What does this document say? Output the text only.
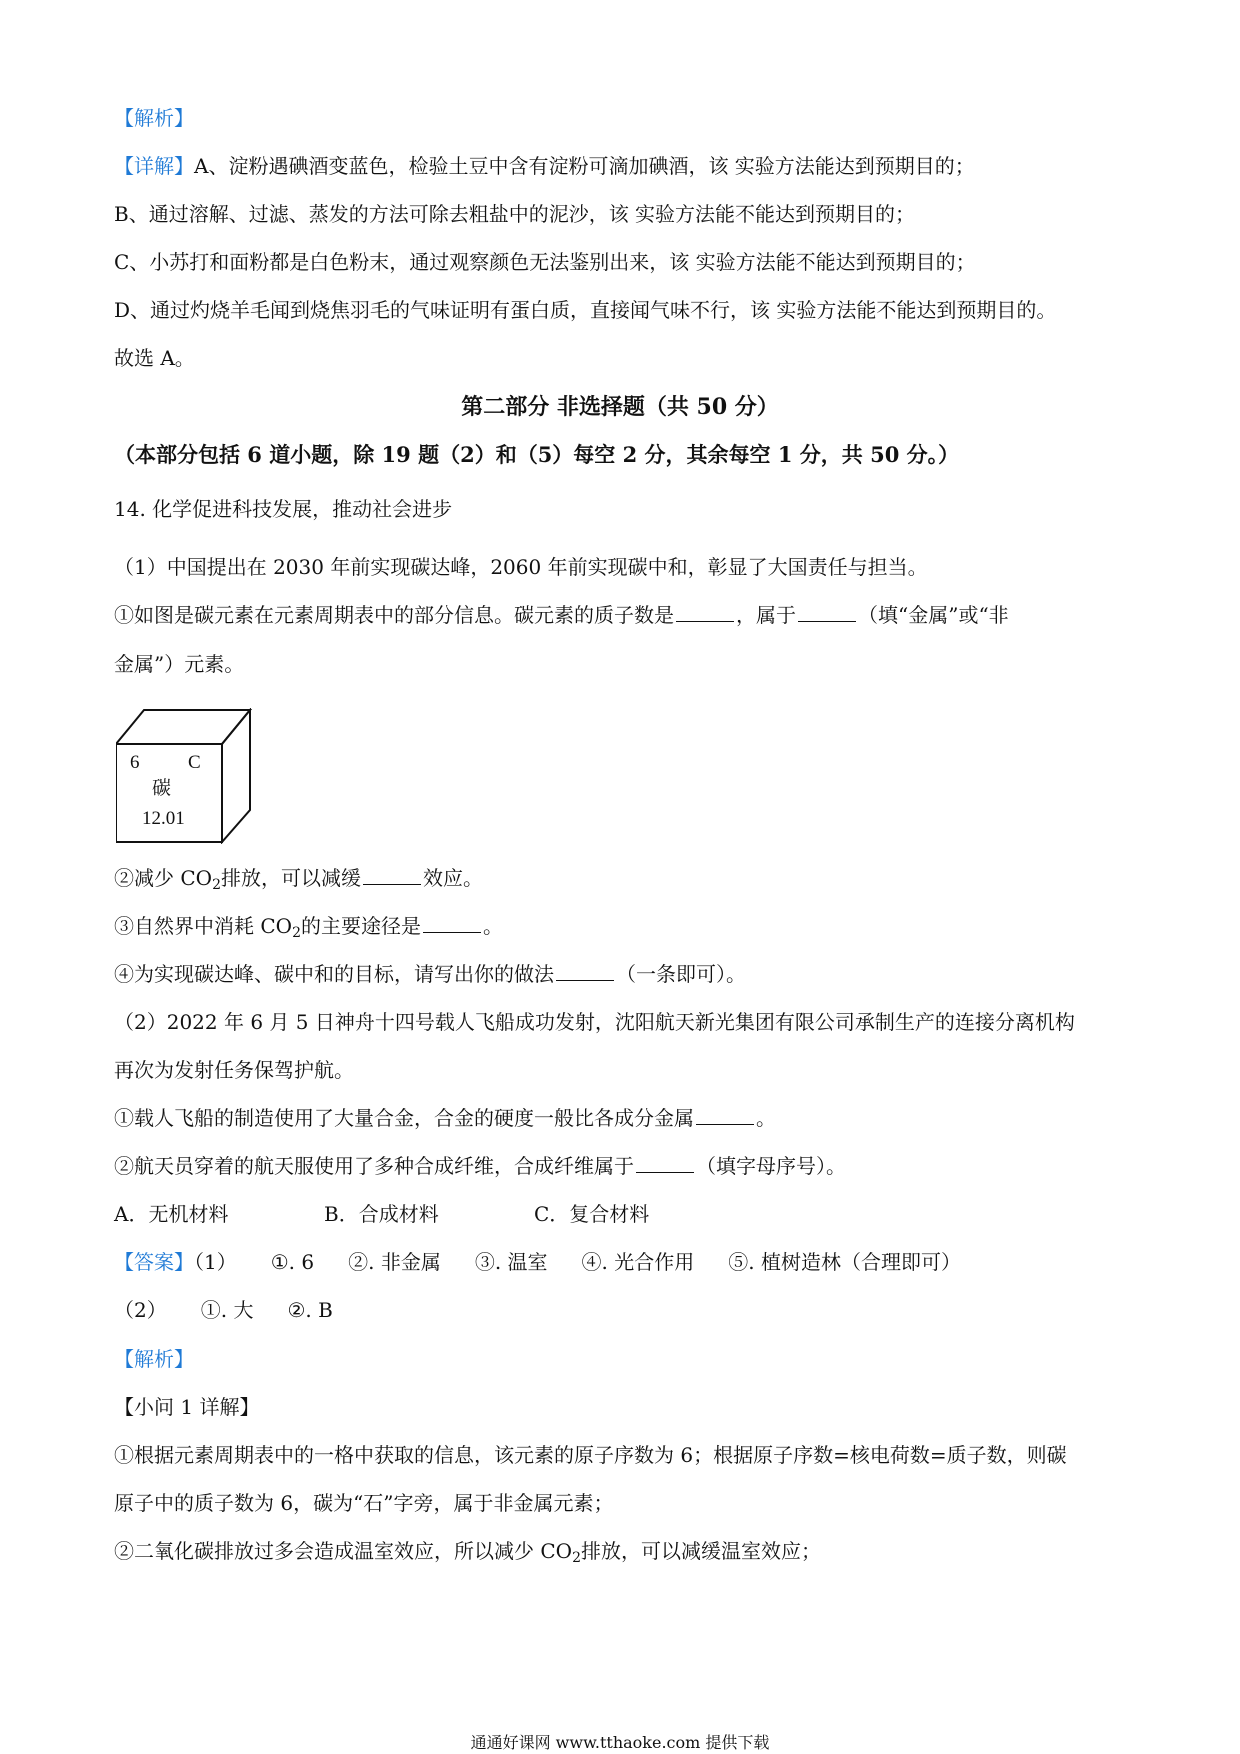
【解析】
【详解】A、淀粉遇碘酒变蓝色，检验土豆中含有淀粉可滴加碘酒，该 实验方法能达到预期目的；
B、通过溶解、过滤、蒸发的方法可除去粗盐中的泥沙，该 实验方法能不能达到预期目的；
C、小苏打和面粉都是白色粉末，通过观察颜色无法鉴别出来，该 实验方法能不能达到预期目的；
D、通过灼烧羊毛闻到烧焦羽毛的气味证明有蛋白质，直接闻气味不行，该 实验方法能不能达到预期目的。
故选 A。
第二部分 非选择题（共 50 分）
（本部分包括 6 道小题，除 19 题（2）和（5）每空 2 分，其余每空 1 分，共 50 分。）
14. 化学促进科技发展，推动社会进步
（1）中国提出在 2030 年前实现碳达峰，2060 年前实现碳中和，彰显了大国责任与担当。
①如图是碳元素在元素周期表中的部分信息。碳元素的质子数是	，属于	（填“金属”或“非
金属”）元素。
6	C
碳
12.01
②减少 $CO_2$排放，可以减缓	效应。
③自然界中消耗 $CO_2$的主要途径是	。
④为实现碳达峰、碳中和的目标，请写出你的做法	（一条即可）。
（2）2022 年 6 月 5 日神舟十四号载人飞船成功发射，沈阳航天新光集团有限公司承制生产的连接分离机构
再次为发射任务保驾护航。
①载人飞船的制造使用了大量合金，合金的硬度一般比各成分金属	。
②航天员穿着的航天服使用了多种合成纤维，合成纤维属于	（填字母序号）。
A．无机材料	B．合成材料	C．复合材料
【答案】（1） ①. 6 ②. 非金属 ③. 温室 ④. 光合作用 ⑤. 植树造林（合理即可）
（2） ①. 大 ②. B
【解析】
【小问 1 详解】
①根据元素周期表中的一格中获取的信息，该元素的原子序数为 6；根据原子序数=核电荷数=质子数，则碳
原子中的质子数为 6，碳为“石”字旁，属于非金属元素；
②二氧化碳排放过多会造成温室效应，所以减少 $CO_2$排放，可以减缓温室效应；
通通好课网 www.tthaoke.com 提供下载
